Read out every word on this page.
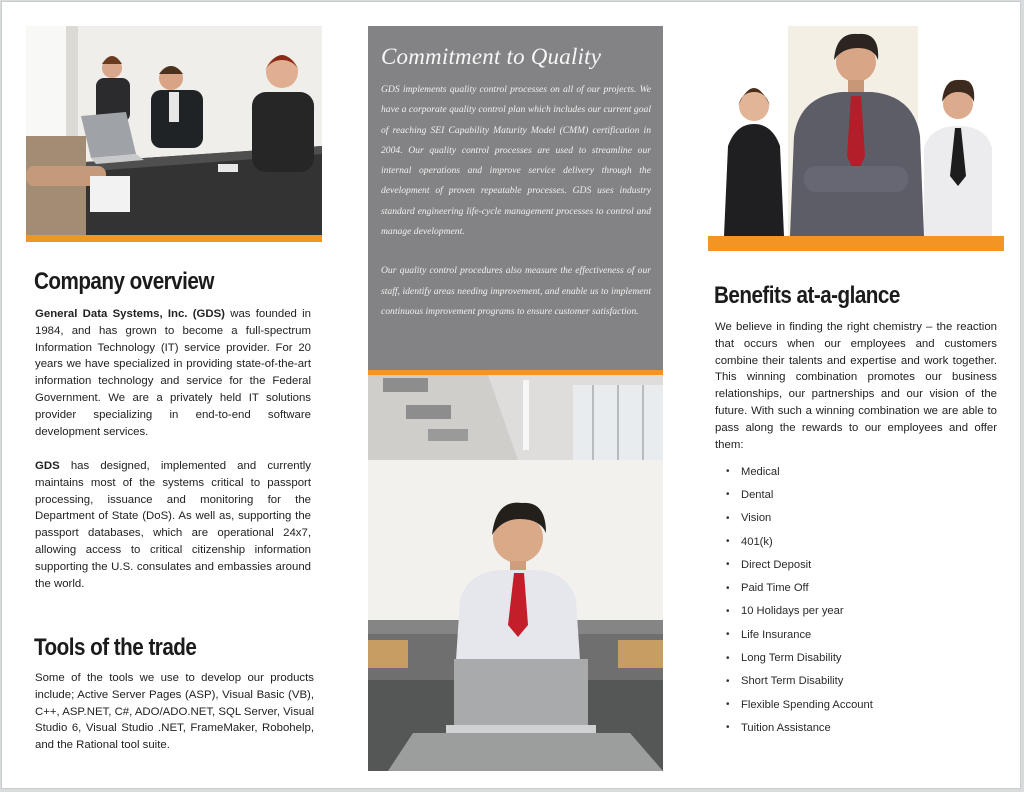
Company overview

General Data Systems, Inc. (GDS) was founded in 1984, and has grown to become a full-spectrum Information Technology (IT) service provider. For 20 years we have specialized in providing state-of-the-art information technology and service for the Federal Government. We are a privately held IT solutions provider specializing in end-to-end software development services.

GDS has designed, implemented and currently maintains most of the systems critical to passport processing, issuance and monitoring for the Department of State (DoS). As well as, supporting the passport databases, which are operational 24x7, allowing access to critical citizenship information supporting the U.S. consulates and embassies around the world.

Tools of the trade

Some of the tools we use to develop our products include; Active Server Pages (ASP), Visual Basic (VB), C++, ASP.NET, C#, ADO/ADO.NET, SQL Server, Visual Studio 6, Visual Studio .NET, FrameMaker, Robohelp, and the Rational tool suite.

Commitment to Quality

GDS implements quality control processes on all of our projects. We have a corporate quality control plan which includes our current goal of reaching SEI Capability Maturity Model (CMM) certification in 2004. Our quality control processes are used to streamline our internal operations and improve service delivery through the development of proven repeatable processes. GDS uses industry standard engineering life-cycle management processes to control and manage development.

Our quality control procedures also measure the effectiveness of our staff, identify areas needing improvement, and enable us to implement continuous improvement programs to ensure customer satisfaction.

Benefits at-a-glance

We believe in finding the right chemistry – the reaction that occurs when our employees and customers combine their talents and expertise and work together. This winning combination promotes our business relationships, our partnerships and our vision of the future. With such a winning combination we are able to pass along the rewards to our employees and offer them:

•	Medical
•	Dental
•	Vision
•	401(k)
•	Direct Deposit
•	Paid Time Off
•	10 Holidays per year
•	Life Insurance
•	Long Term Disability
•	Short Term Disability
•	Flexible Spending Account
•	Tuition Assistance
